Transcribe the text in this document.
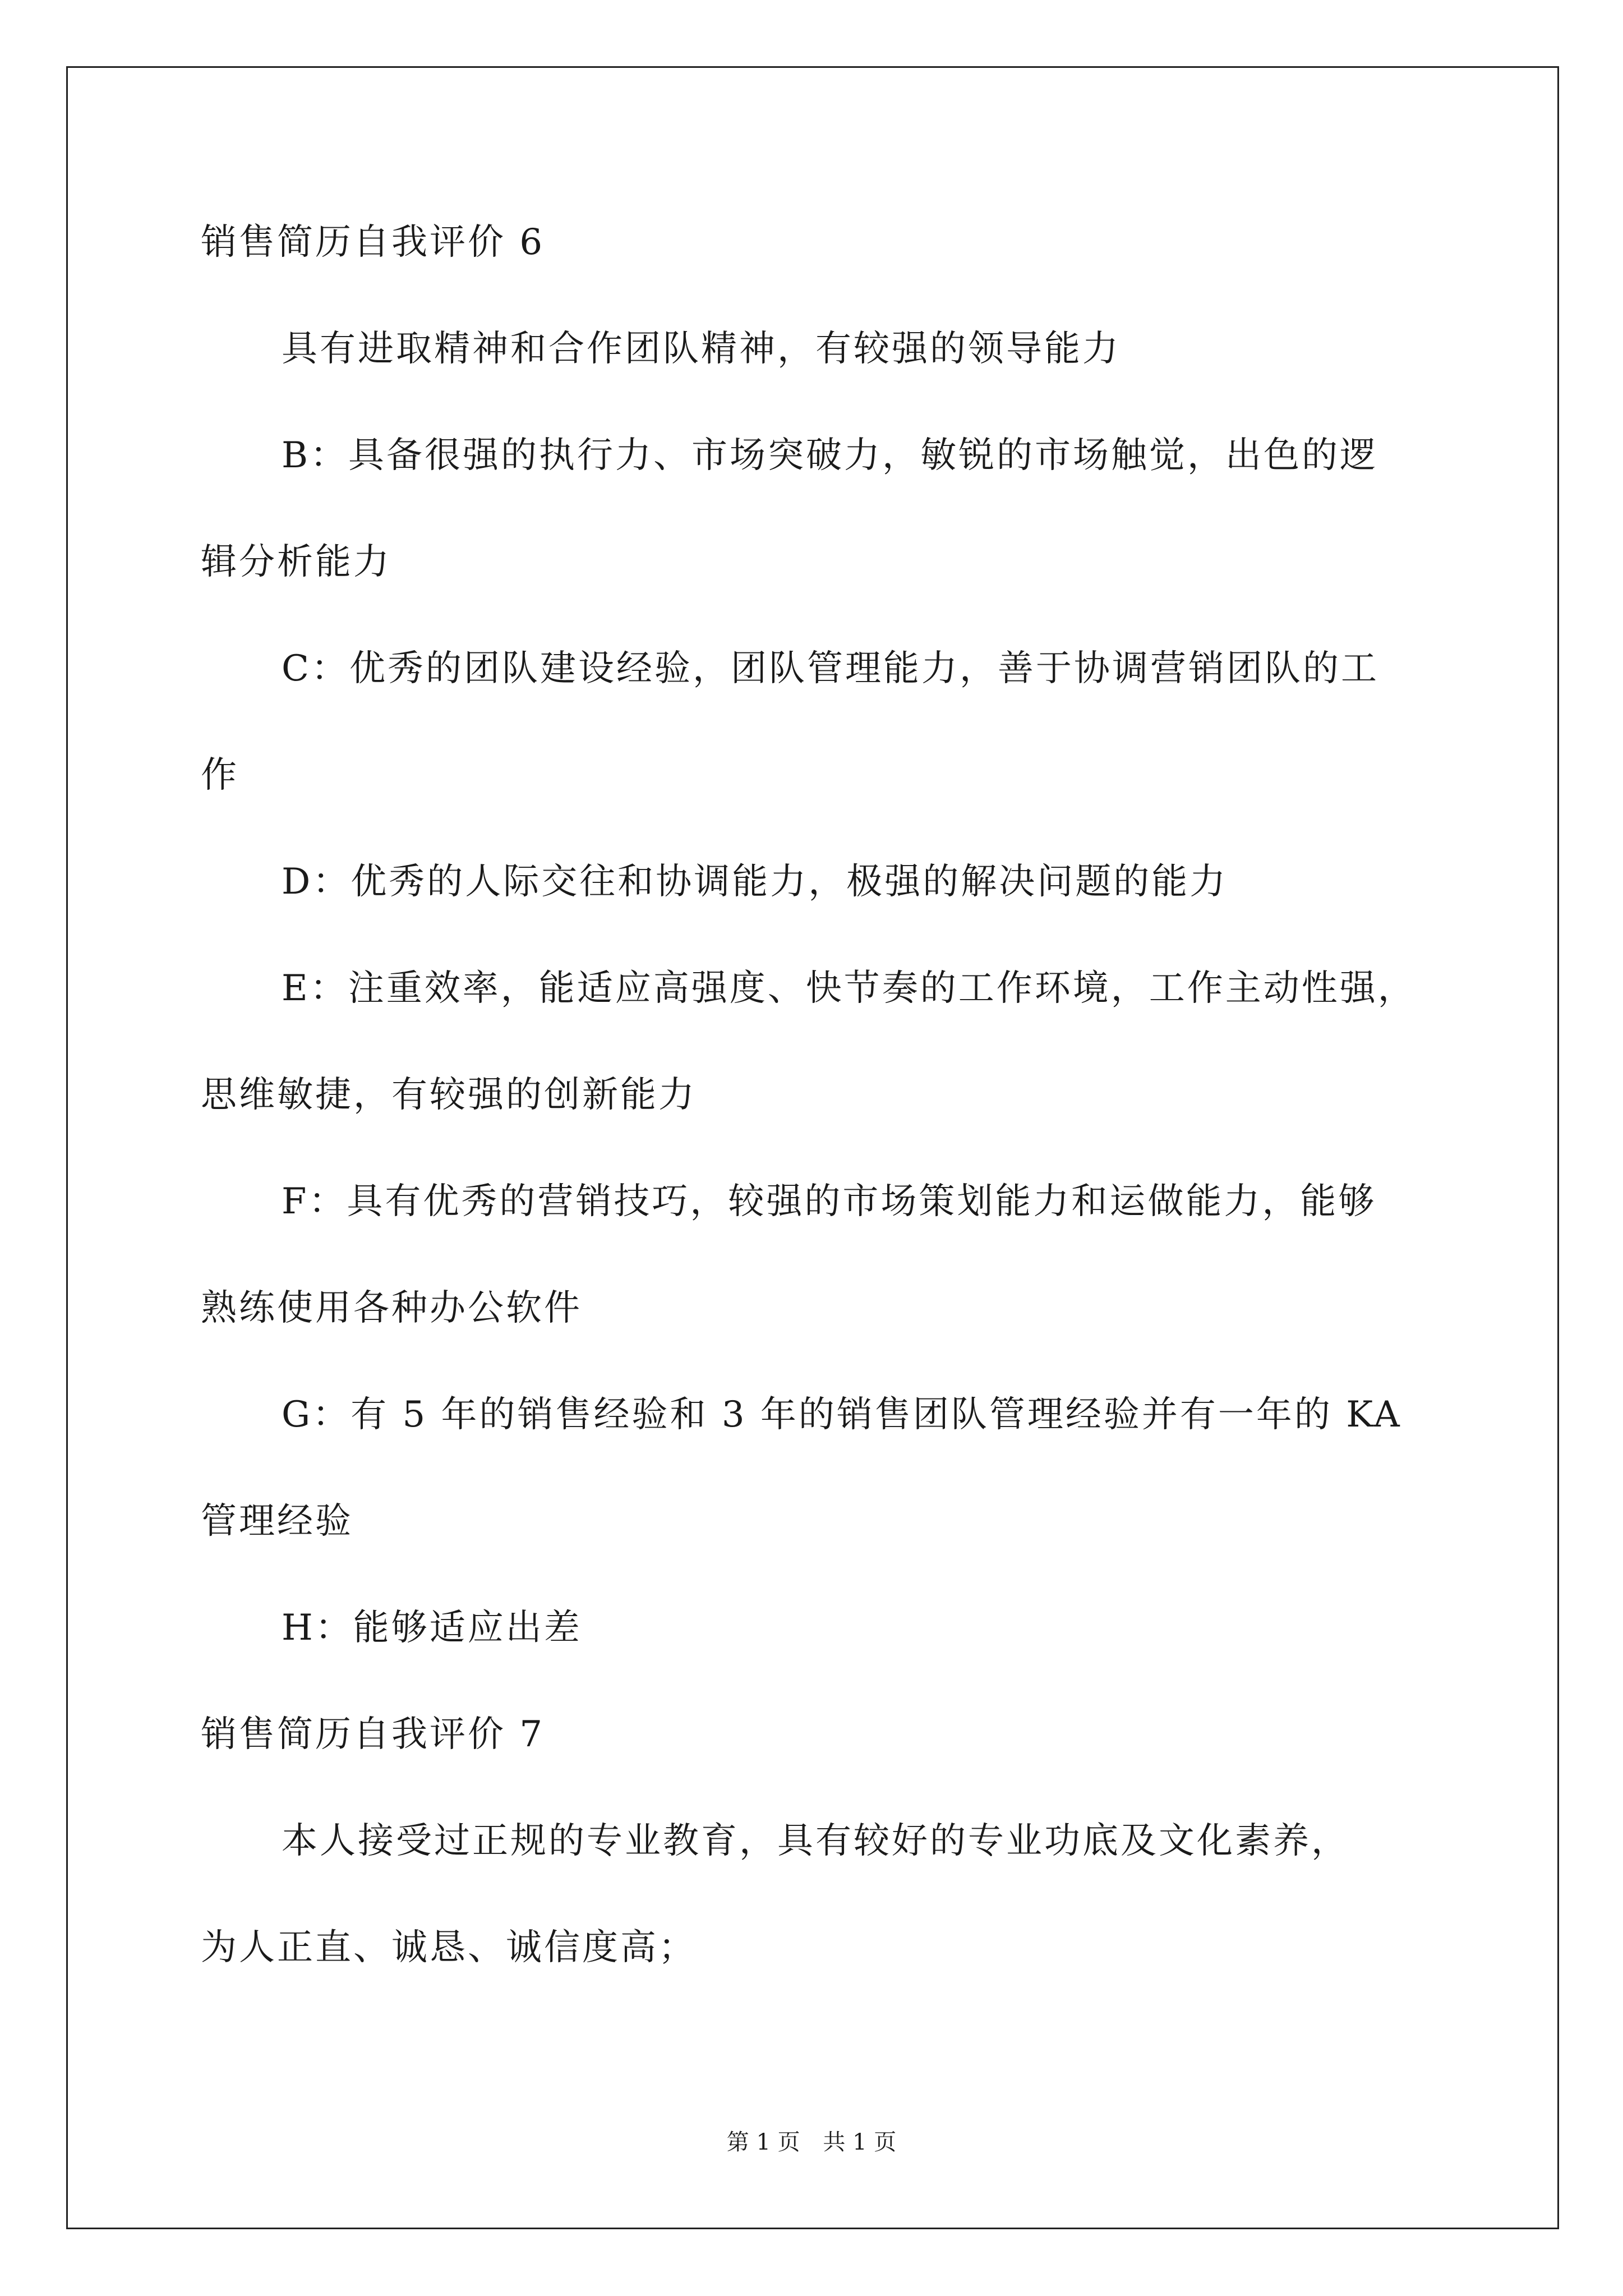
销售简历自我评价 6
具有进取精神和合作团队精神，有较强的领导能力
B：具备很强的执行力、市场突破力，敏锐的市场触觉，出色的逻
辑分析能力
C：优秀的团队建设经验，团队管理能力，善于协调营销团队的工
作
D：优秀的人际交往和协调能力，极强的解决问题的能力
E：注重效率，能适应高强度、快节奏的工作环境，工作主动性强，
思维敏捷，有较强的创新能力
F：具有优秀的营销技巧，较强的市场策划能力和运做能力，能够
熟练使用各种办公软件
G：有 5 年的销售经验和 3 年的销售团队管理经验并有一年的 KA
管理经验
H：能够适应出差
销售简历自我评价 7
本人接受过正规的专业教育，具有较好的专业功底及文化素养，
为人正直、诚恳、诚信度高；
第 1 页 共 1 页
